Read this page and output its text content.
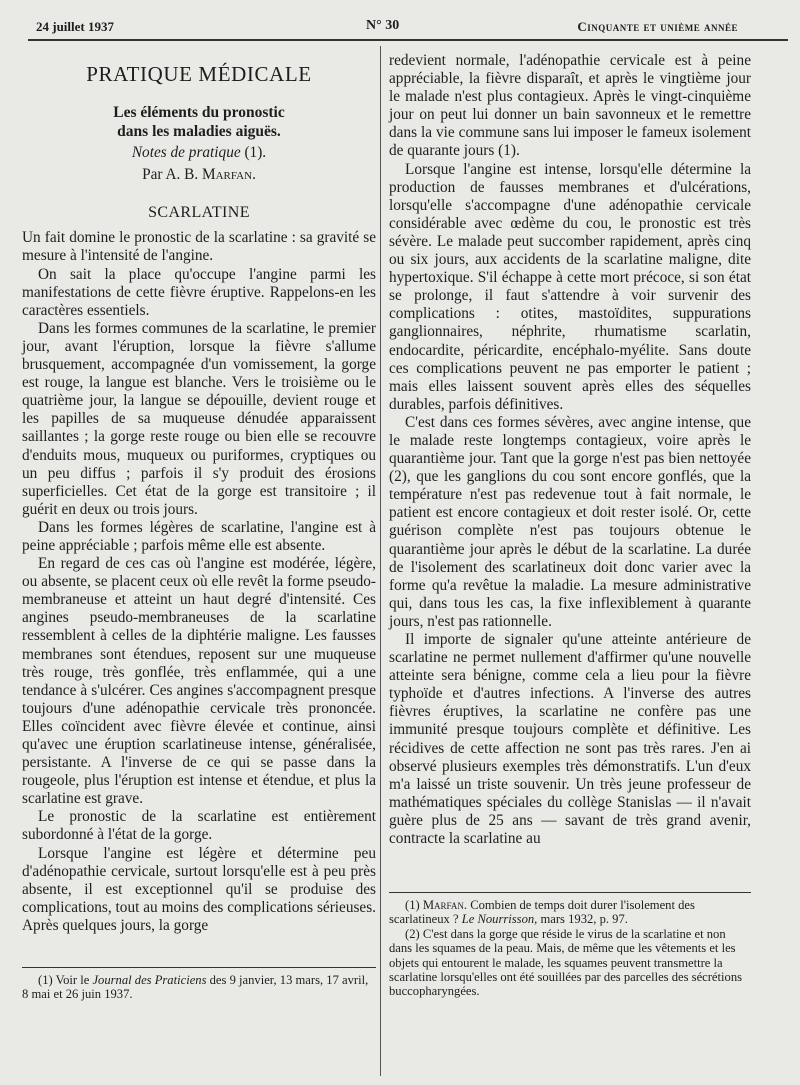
24 juillet 1937	N° 30	Cinquante et unième année
PRATIQUE MÉDICALE
Les éléments du pronostic
dans les maladies aiguës.
Notes de pratique (1).
Par A. B. Marfan.
SCARLATINE

Un fait domine le pronostic de la scarlatine : sa gravité se mesure à l'intensité de l'angine.

On sait la place qu'occupe l'angine parmi les manifestations de cette fièvre éruptive. Rappelons-en les caractères essentiels.

Dans les formes communes de la scarlatine, le premier jour, avant l'éruption, lorsque la fièvre s'allume brusquement, accompagnée d'un vomissement, la gorge est rouge, la langue est blanche. Vers le troisième ou le quatrième jour, la langue se dépouille, devient rouge et les papilles de sa muqueuse dénudée apparaissent saillantes ; la gorge reste rouge ou bien elle se recouvre d'enduits mous, muqueux ou puriformes, cryptiques ou un peu diffus ; parfois il s'y produit des érosions superficielles. Cet état de la gorge est transitoire ; il guérit en deux ou trois jours.

Dans les formes légères de scarlatine, l'angine est à peine appréciable ; parfois même elle est absente.

En regard de ces cas où l'angine est modérée, légère, ou absente, se placent ceux où elle revêt la forme pseudo-membraneuse et atteint un haut degré d'intensité. Ces angines pseudo-membraneuses de la scarlatine ressemblent à celles de la diphtérie maligne. Les fausses membranes sont étendues, reposent sur une muqueuse très rouge, très gonflée, très enflammée, qui a une tendance à s'ulcérer. Ces angines s'accompagnent presque toujours d'une adénopathie cervicale très prononcée. Elles coïncident avec fièvre élevée et continue, ainsi qu'avec une éruption scarlatineuse intense, généralisée, persistante. A l'inverse de ce qui se passe dans la rougeole, plus l'éruption est intense et étendue, et plus la scarlatine est grave.

Le pronostic de la scarlatine est entièrement subordonné à l'état de la gorge.

Lorsque l'angine est légère et détermine peu d'adénopathie cervicale, surtout lorsqu'elle est à peu près absente, il est exceptionnel qu'il se produise des complications, tout au moins des complications sérieuses. Après quelques jours, la gorge

(1) Voir le Journal des Praticiens des 9 janvier, 13 mars, 17 avril, 8 mai et 26 juin 1937.

redevient normale, l'adénopathie cervicale est à peine appréciable, la fièvre disparaît, et après le vingtième jour le malade n'est plus contagieux. Après le vingt-cinquième jour on peut lui donner un bain savonneux et le remettre dans la vie commune sans lui imposer le fameux isolement de quarante jours (1).

Lorsque l'angine est intense, lorsqu'elle détermine la production de fausses membranes et d'ulcérations, lorsqu'elle s'accompagne d'une adénopathie cervicale considérable avec œdème du cou, le pronostic est très sévère. Le malade peut succomber rapidement, après cinq ou six jours, aux accidents de la scarlatine maligne, dite hypertoxique. S'il échappe à cette mort précoce, si son état se prolonge, il faut s'attendre à voir survenir des complications : otites, mastoïdites, suppurations ganglionnaires, néphrite, rhumatisme scarlatin, endocardite, péricardite, encéphalo-myélite. Sans doute ces complications peuvent ne pas emporter le patient ; mais elles laissent souvent après elles des séquelles durables, parfois définitives.

C'est dans ces formes sévères, avec angine intense, que le malade reste longtemps contagieux, voire après le quarantième jour. Tant que la gorge n'est pas bien nettoyée (2), que les ganglions du cou sont encore gonflés, que la température n'est pas redevenue tout à fait normale, le patient est encore contagieux et doit rester isolé. Or, cette guérison complète n'est pas toujours obtenue le quarantième jour après le début de la scarlatine. La durée de l'isolement des scarlatineux doit donc varier avec la forme qu'a revêtue la maladie. La mesure administrative qui, dans tous les cas, la fixe inflexiblement à quarante jours, n'est pas rationnelle.

Il importe de signaler qu'une atteinte antérieure de scarlatine ne permet nullement d'affirmer qu'une nouvelle atteinte sera bénigne, comme cela a lieu pour la fièvre typhoïde et d'autres infections. A l'inverse des autres fièvres éruptives, la scarlatine ne confère pas une immunité presque toujours complète et définitive. Les récidives de cette affection ne sont pas très rares. J'en ai observé plusieurs exemples très démonstratifs. L'un d'eux m'a laissé un triste souvenir. Un très jeune professeur de mathématiques spéciales du collège Stanislas — il n'avait guère plus de 25 ans — savant de très grand avenir, contracte la scarlatine au

(1) Marfan. Combien de temps doit durer l'isolement des scarlatineux ? Le Nourrisson, mars 1932, p. 97.

(2) C'est dans la gorge que réside le virus de la scarlatine et non dans les squames de la peau. Mais, de même que les vêtements et les objets qui entourent le malade, les squames peuvent transmettre la scarlatine lorsqu'elles ont été souillées par des parcelles des sécrétions buccopharyngées.
